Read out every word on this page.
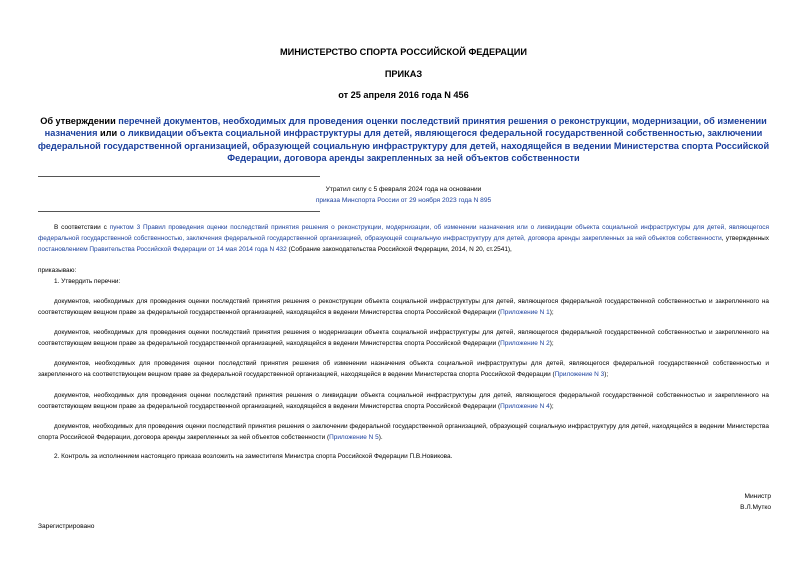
МИНИСТЕРСТВО СПОРТА РОССИЙСКОЙ ФЕДЕРАЦИИ
ПРИКАЗ
от 25 апреля 2016 года N 456
Об утверждении перечней документов, необходимых для проведения оценки последствий принятия решения о реконструкции, модернизации, об изменении назначения или о ликвидации объекта социальной инфраструктуры для детей, являющегося федеральной государственной собственностью, заключении федеральной государственной организацией, образующей социальную инфраструктуру для детей, находящейся в ведении Министерства спорта Российской Федерации, договора аренды закрепленных за ней объектов собственности
Утратил силу с 5 февраля 2024 года на основании
приказа Минспорта России от 29 ноября 2023 года N 895
В соответствии с пунктом 3 Правил проведения оценки последствий принятия решения о реконструкции, модернизации, об изменении назначения или о ликвидации объекта социальной инфраструктуры для детей, являющегося федеральной государственной собственностью, заключения федеральной государственной организацией, образующей социальную инфраструктуру для детей, договора аренды закрепленных за ней объектов собственности, утвержденных постановлением Правительства Российской Федерации от 14 мая 2014 года N 432 (Собрание законодательства Российской Федерации, 2014, N 20, ст.2541),
приказываю:
1. Утвердить перечни:
документов, необходимых для проведения оценки последствий принятия решения о реконструкции объекта социальной инфраструктуры для детей, являющегося федеральной государственной собственностью и закрепленного на соответствующем вещном праве за федеральной государственной организацией, находящейся в ведении Министерства спорта Российской Федерации (Приложение N 1);
документов, необходимых для проведения оценки последствий принятия решения о модернизации объекта социальной инфраструктуры для детей, являющегося федеральной государственной собственностью и закрепленного на соответствующем вещном праве за федеральной государственной организацией, находящейся в ведении Министерства спорта Российской Федерации (Приложение N 2);
документов, необходимых для проведения оценки последствий принятия решения об изменении назначения объекта социальной инфраструктуры для детей, являющегося федеральной государственной собственностью и закрепленного на соответствующем вещном праве за федеральной государственной организацией, находящейся в ведении Министерства спорта Российской Федерации (Приложение N 3);
документов, необходимых для проведения оценки последствий принятия решения о ликвидации объекта социальной инфраструктуры для детей, являющегося федеральной государственной собственностью и закрепленного на соответствующем вещном праве за федеральной государственной организацией, находящейся в ведении Министерства спорта Российской Федерации (Приложение N 4);
документов, необходимых для проведения оценки последствий принятия решения о заключении федеральной государственной организацией, образующей социальную инфраструктуру для детей, находящейся в ведении Министерства спорта Российской Федерации, договора аренды закрепленных за ней объектов собственности (Приложение N 5).
2. Контроль за исполнением настоящего приказа возложить на заместителя Министра спорта Российской Федерации П.В.Новикова.
Министр
В.Л.Мутко
Зарегистрировано
